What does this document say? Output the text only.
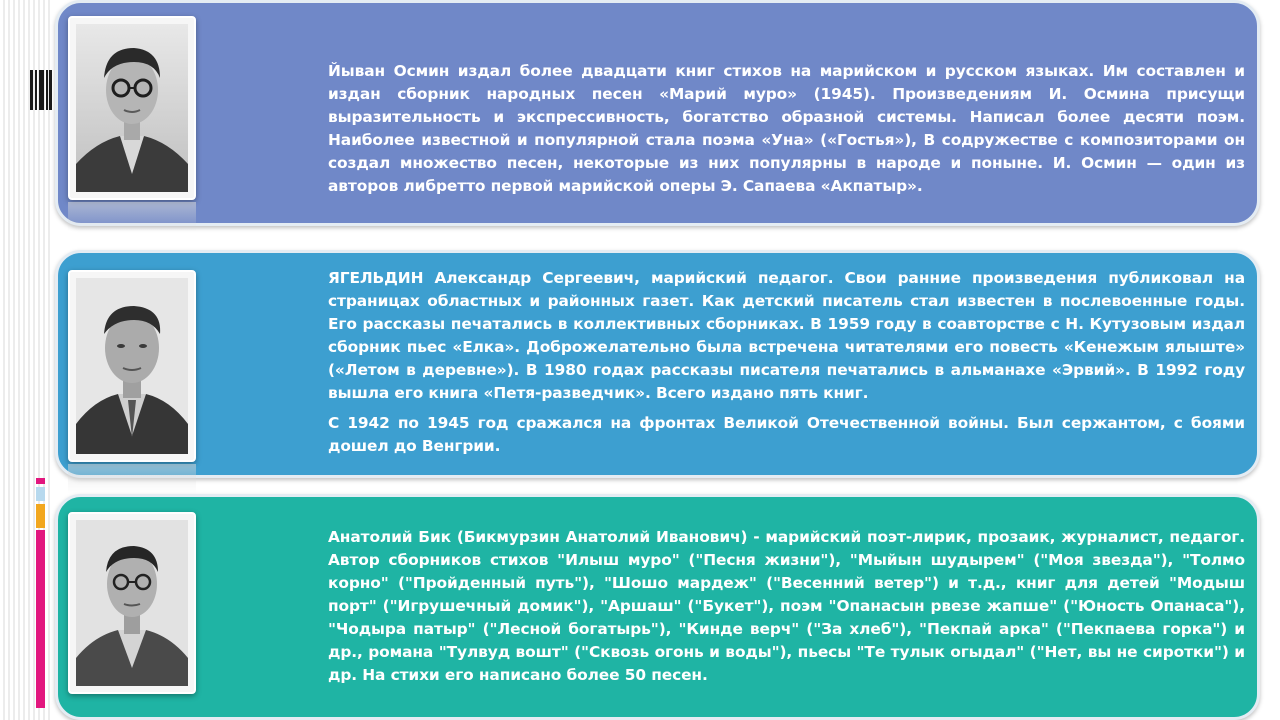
Йыван Осмин издал более двадцати книг стихов на марийском и русском языках. Им составлен и издан сборник народных песен «Марий муро» (1945). Произведениям И. Осмина присущи выразительность и экспрессивность, богатство образной системы. Написал более десяти поэм. Наиболее известной и популярной стала поэма «Уна» («Гостья»), В содружестве с композиторами он создал множество песен, некоторые из них популярны в народе и поныне. И. Осмин — один из авторов либретто первой марийской оперы Э. Сапаева «Акпатыр».

ЯГЕЛЬДИН Александр Сергеевич, марийский педагог. Свои ранние произведения публиковал на страницах областных и районных газет. Как детский писатель стал известен в послевоенные годы. Его рассказы печатались в коллективных сборниках. В 1959 году в соавторстве с Н. Кутузовым издал сборник пьес «Елка». Доброжелательно была встречена читателями его повесть «Кенежым ялыште» («Летом в деревне»). В 1980 годах рассказы писателя печатались в альманахе «Эрвий». В 1992 году вышла его книга «Петя-разведчик». Всего издано пять книг.

С 1942 по 1945 год сражался на фронтах Великой Отечественной войны. Был сержантом, с боями дошел до Венгрии.

Анатолий Бик (Бикмурзин Анатолий Иванович) - марийский поэт-лирик, прозаик, журналист, педагог. Автор сборников стихов "Илыш муро" ("Песня жизни"), "Мыйын шудырем" ("Моя звезда"), "Толмо корно" ("Пройденный путь"), "Шошо мардеж" ("Весенний ветер") и т.д., книг для детей "Модыш порт" ("Игрушечный домик"), "Аршаш" ("Букет"), поэм "Опанасын рвезе жапше" ("Юность Опанаса"), "Чодыра патыр" ("Лесной богатырь"), "Кинде верч" ("За хлеб"), "Пекпай арка" ("Пекпаева горка") и др., романа "Тулвуд вошт" ("Сквозь огонь и воды"), пьесы "Те тулык огыдал" ("Нет, вы не сиротки") и др. На стихи его написано более 50 песен.
